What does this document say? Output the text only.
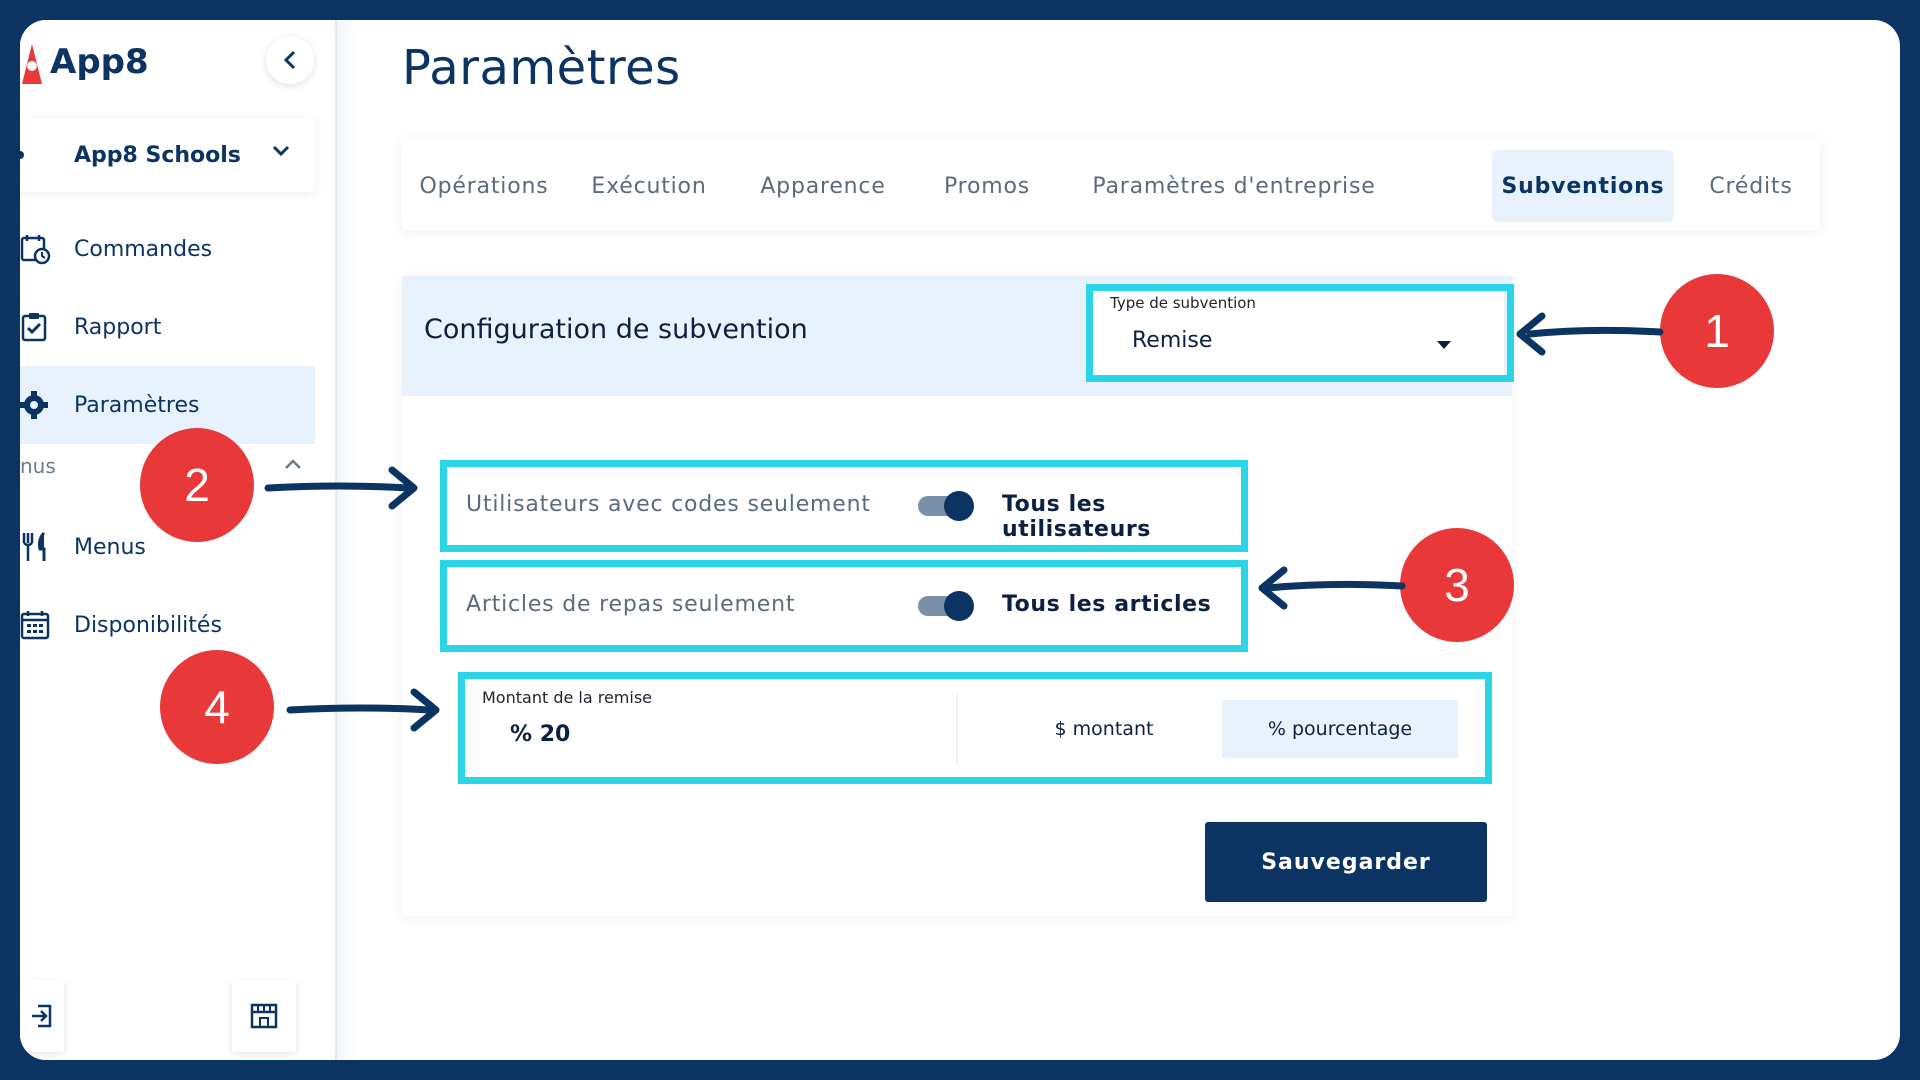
App8
App8 Schools
Commandes
Rapport
Paramètres
nus
Menus
Disponibilités
Paramètres
Opérations	Exécution	Apparence	Promos	Paramètres d'entreprise	Subventions	Crédits
Configuration de subvention
Type de subvention
Remise
Utilisateurs avec codes seulement	Tous les utilisateurs
Articles de repas seulement	Tous les articles
Montant de la remise
% 20	$ montant	% pourcentage
Sauvegarder
1
2
3
4
